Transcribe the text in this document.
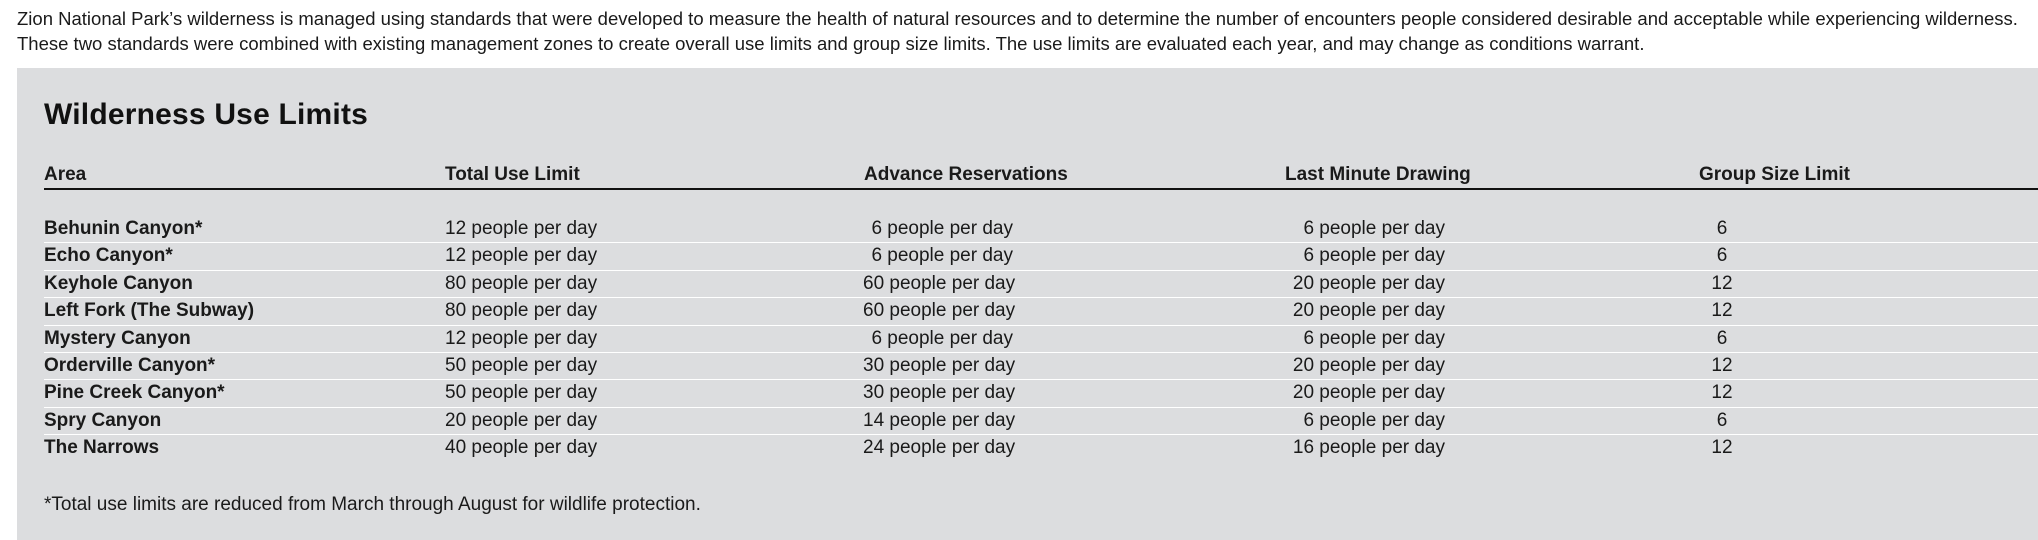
Zion National Park’s wilderness is managed using standards that were developed to measure the health of natural resources and to determine the number of encounters people considered desirable and acceptable while experiencing wilderness.

These two standards were combined with existing management zones to create overall use limits and group size limits. The use limits are evaluated each year, and may change as conditions warrant.

Wilderness Use Limits
Area	Total Use Limit	Advance Reservations	Last Minute Drawing	Group Size Limit
Behunin Canyon*	12 people per day	6 people per day	6 people per day	6
Echo Canyon*	12 people per day	6 people per day	6 people per day	6
Keyhole Canyon	80 people per day	60 people per day	20 people per day	12
Left Fork (The Subway)	80 people per day	60 people per day	20 people per day	12
Mystery Canyon	12 people per day	6 people per day	6 people per day	6
Orderville Canyon*	50 people per day	30 people per day	20 people per day	12
Pine Creek Canyon*	50 people per day	30 people per day	20 people per day	12
Spry Canyon	20 people per day	14 people per day	6 people per day	6
The Narrows	40 people per day	24 people per day	16 people per day	12

*Total use limits are reduced from March through August for wildlife protection.
